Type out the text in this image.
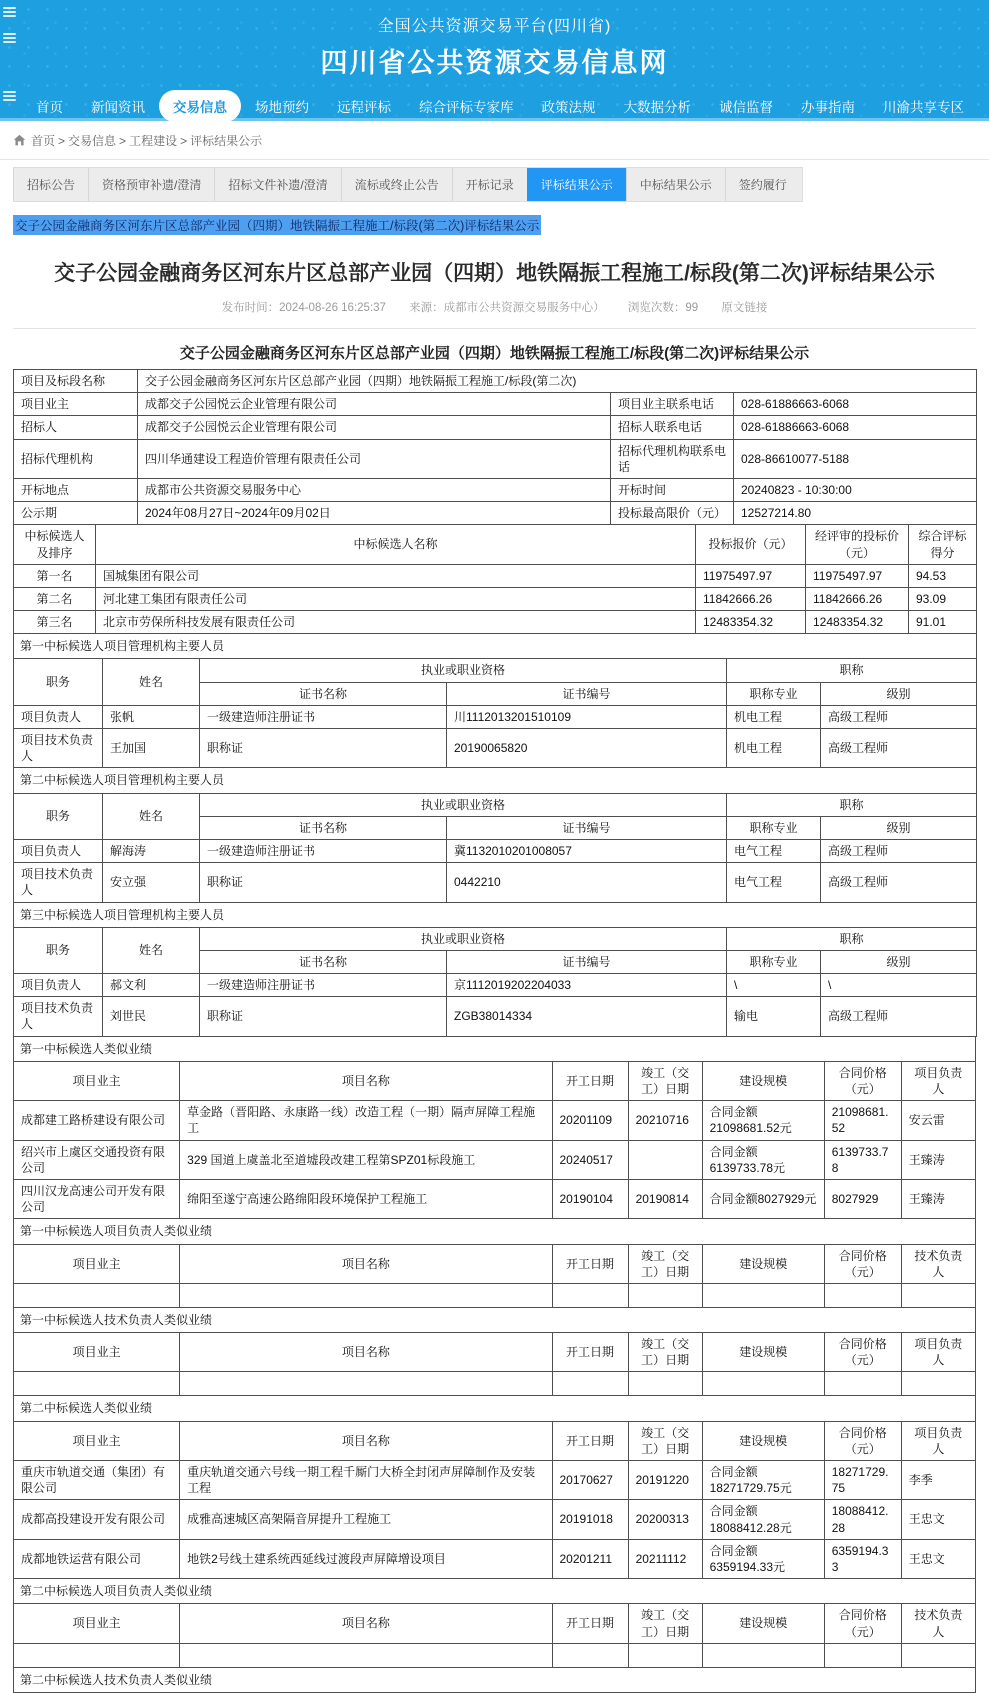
全国公共资源交易平台(四川省)
四川省公共资源交易信息网
首页	新闻资讯	交易信息	场地预约	远程评标	综合评标专家库	政策法规	大数据分析	诚信监督	办事指南	川渝共享专区
首页 > 交易信息 > 工程建设 > 评标结果公示
招标公告	资格预审补遗/澄清	招标文件补遗/澄清	流标或终止公告	开标记录	评标结果公示	中标结果公示	签约履行
交子公园金融商务区河东片区总部产业园（四期）地铁隔振工程施工/标段(第二次)评标结果公示
交子公园金融商务区河东片区总部产业园（四期）地铁隔振工程施工/标段(第二次)评标结果公示
发布时间：2024-08-26 16:25:37 来源：成都市公共资源交易服务中心） 浏览次数：99 原文链接
交子公园金融商务区河东片区总部产业园（四期）地铁隔振工程施工/标段(第二次)评标结果公示
项目及标段名称	交子公园金融商务区河东片区总部产业园（四期）地铁隔振工程施工/标段(第二次)		
项目业主	成都交子公园悦云企业管理有限公司	项目业主联系电话	028-61886663-6068
招标人	成都交子公园悦云企业管理有限公司	招标人联系电话	028-61886663-6068
招标代理机构	四川华通建设工程造价管理有限责任公司	招标代理机构联系电话	028-86610077-5188
开标地点	成都市公共资源交易服务中心	开标时间	20240823 - 10:30:00
公示期	2024年08月27日~2024年09月02日	投标最高限价（元）	12527214.80
中标候选人及排序	中标候选人名称	投标报价（元）	经评审的投标价（元）	综合评标得分
第一名	国城集团有限公司	11975497.97	11975497.97	94.53
第二名	河北建工集团有限责任公司	11842666.26	11842666.26	93.09
第三名	北京市劳保所科技发展有限责任公司	12483354.32	12483354.32	91.01
第一中标候选人项目管理机构主要人员					
职务	姓名	执业或职业资格		职称	
		证书名称	证书编号	职称专业	级别
项目负责人	张帆	一级建造师注册证书	川1112013201510109	机电工程	高级工程师
项目技术负责人	王加国	职称证	20190065820	机电工程	高级工程师
第二中标候选人项目管理机构主要人员					
职务	姓名	执业或职业资格		职称	
		证书名称	证书编号	职称专业	级别
项目负责人	解海涛	一级建造师注册证书	冀1132010201008057	电气工程	高级工程师
项目技术负责人	安立强	职称证	0442210	电气工程	高级工程师
第三中标候选人项目管理机构主要人员					
职务	姓名	执业或职业资格		职称	
		证书名称	证书编号	职称专业	级别
项目负责人	郝文利	一级建造师注册证书	京1112019202204033	\	\
项目技术负责人	刘世民	职称证	ZGB38014334	输电	高级工程师
第一中标候选人类似业绩						
项目业主	项目名称	开工日期	竣工（交工）日期	建设规模	合同价格（元）	项目负责人
成都建工路桥建设有限公司	草金路（晋阳路、永康路一线）改造工程（一期）隔声屏障工程施工	20201109	20210716	合同金额21098681.52元	21098681.52	安云雷
绍兴市上虞区交通投资有限公司	329 国道上虞盖北至道墟段改建工程第SPZ01标段施工	20240517		合同金额6139733.78元	6139733.78	王臻涛
四川汉龙高速公司开发有限公司	绵阳至遂宁高速公路绵阳段环境保护工程施工	20190104	20190814	合同金额8027929元	8027929	王臻涛
第一中标候选人项目负责人类似业绩						
项目业主	项目名称	开工日期	竣工（交工）日期	建设规模	合同价格（元）	技术负责人

第一中标候选人技术负责人类似业绩						
项目业主	项目名称	开工日期	竣工（交工）日期	建设规模	合同价格（元）	项目负责人

第二中标候选人类似业绩						
项目业主	项目名称	开工日期	竣工（交工）日期	建设规模	合同价格（元）	项目负责人
重庆市轨道交通（集团）有限公司	重庆轨道交通六号线一期工程千厮门大桥全封闭声屏障制作及安装工程	20170627	20191220	合同金额18271729.75元	18271729.75	李季
成都高投建设开发有限公司	成雅高速城区高架隔音屏提升工程施工	20191018	20200313	合同金额18088412.28元	18088412.28	王忠文
成都地铁运营有限公司	地铁2号线土建系统西延线过渡段声屏障增设项目	20201211	20211112	合同金额6359194.33元	6359194.33	王忠文
第二中标候选人项目负责人类似业绩						
项目业主	项目名称	开工日期	竣工（交工）日期	建设规模	合同价格（元）	技术负责人

第二中标候选人技术负责人类似业绩
